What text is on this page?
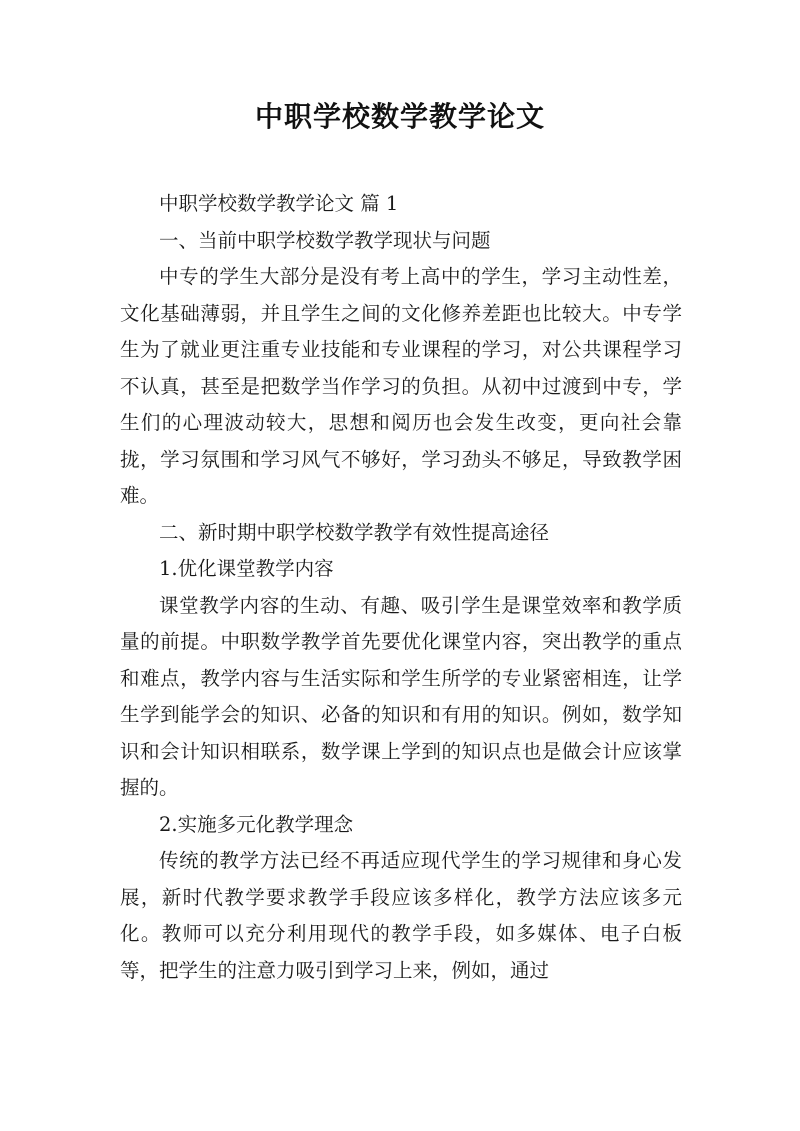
中职学校数学教学论文

中职学校数学教学论文 篇 1

一、当前中职学校数学教学现状与问题

中专的学生大部分是没有考上高中的学生，学习主动性差，文化基础薄弱，并且学生之间的文化修养差距也比较大。中专学生为了就业更注重专业技能和专业课程的学习，对公共课程学习不认真，甚至是把数学当作学习的负担。从初中过渡到中专，学生们的心理波动较大，思想和阅历也会发生改变，更向社会靠拢，学习氛围和学习风气不够好，学习劲头不够足，导致教学困难。

二、新时期中职学校数学教学有效性提高途径

1.优化课堂教学内容

课堂教学内容的生动、有趣、吸引学生是课堂效率和教学质量的前提。中职数学教学首先要优化课堂内容，突出教学的重点和难点，教学内容与生活实际和学生所学的专业紧密相连，让学生学到能学会的知识、必备的知识和有用的知识。例如，数学知识和会计知识相联系，数学课上学到的知识点也是做会计应该掌握的。

2.实施多元化教学理念

传统的教学方法已经不再适应现代学生的学习规律和身心发展，新时代教学要求教学手段应该多样化，教学方法应该多元化。教师可以充分利用现代的教学手段，如多媒体、电子白板等，把学生的注意力吸引到学习上来，例如，通过
